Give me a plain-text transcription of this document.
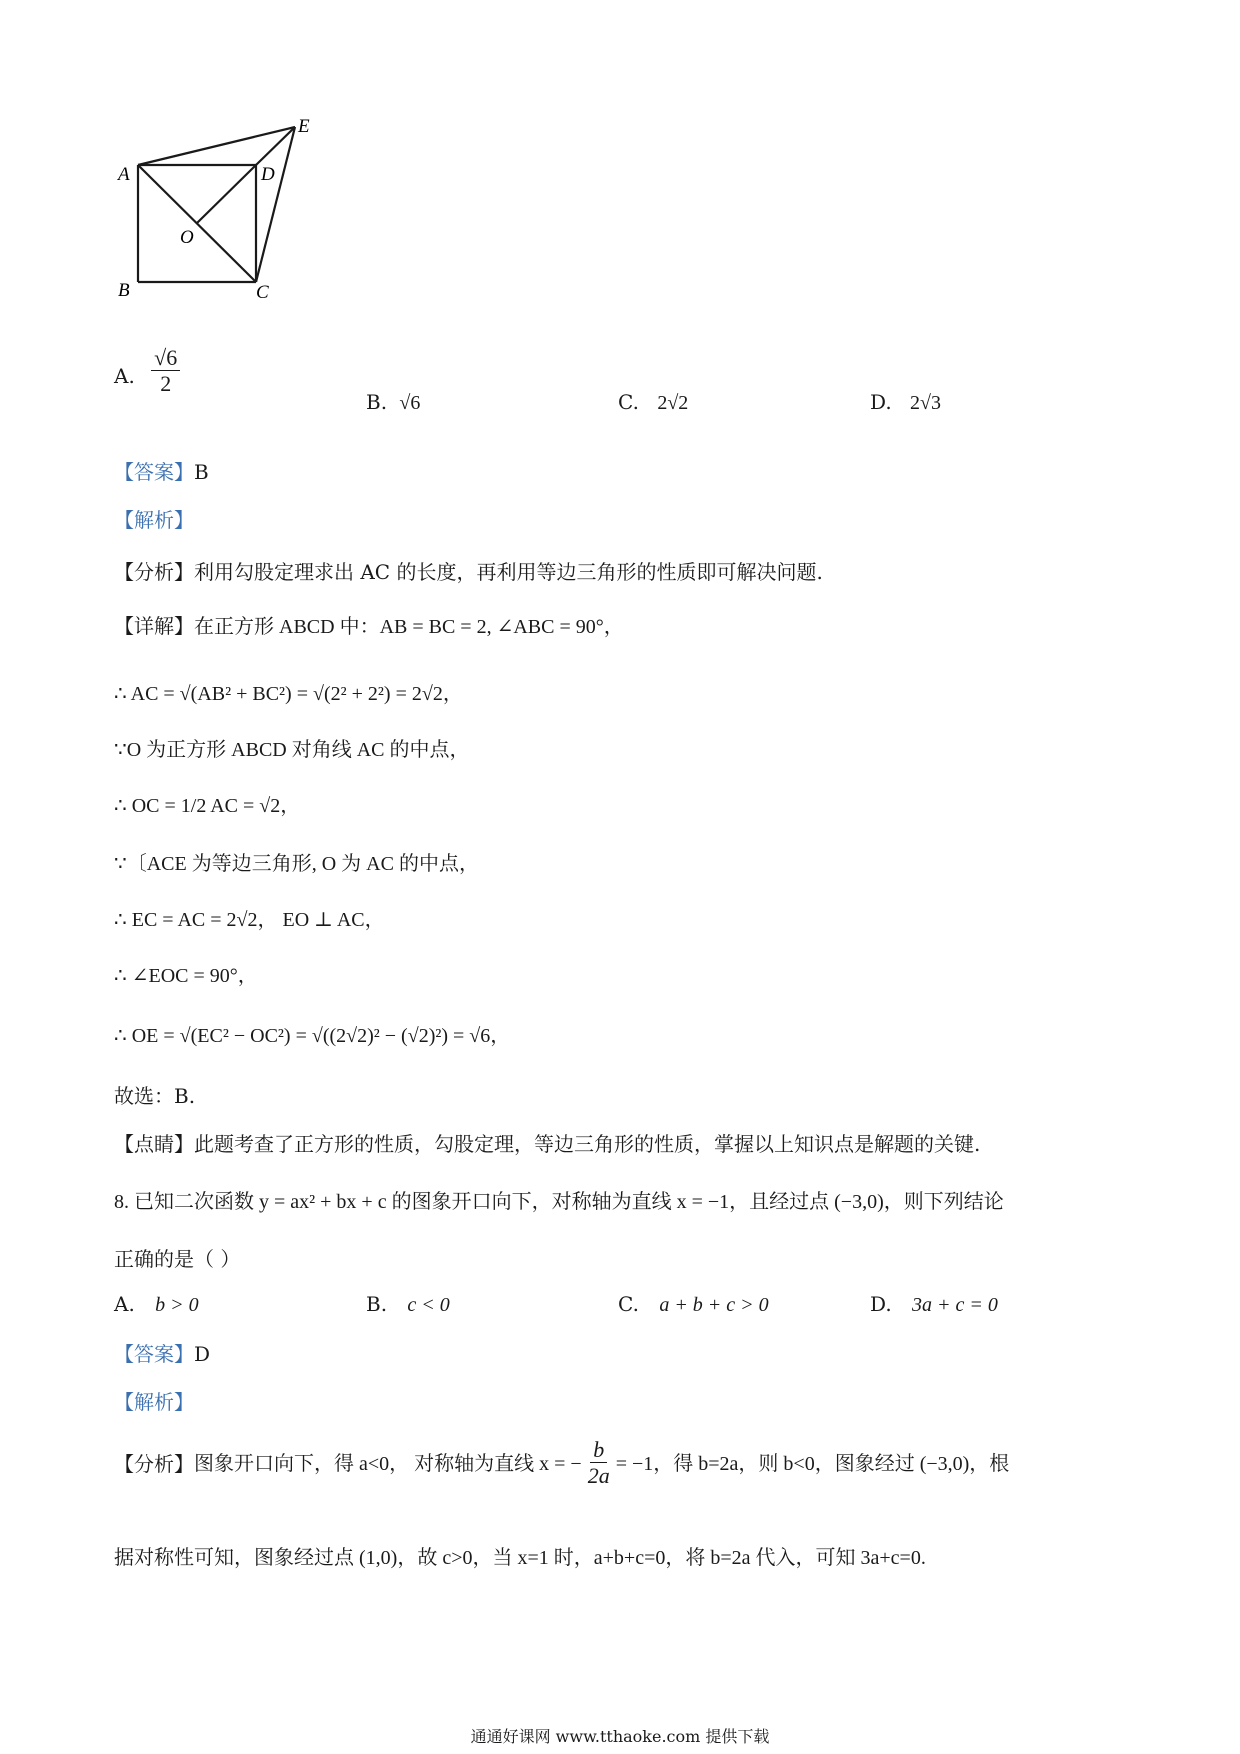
A
B	C
D
E
O
A. $\frac{√6}{2}$
B. √6	C. 2√2	D. 2√3
【答案】B
【解析】
【分析】利用勾股定理求出 AC 的长度，再利用等边三角形的性质即可解决问题.
【详解】在正方形 ABCD 中：AB = BC = 2, ∠ABC = 90°，
∴ AC = √(AB² + BC²) = √(2² + 2²) = 2√2，
∵O 为正方形 ABCD 对角线 AC 的中点，
∴ OC = 1/2 AC = √2，
∵〔ACE 为等边三角形, O 为 AC 的中点，
∴ EC = AC = 2√2， EO ⊥ AC，
∴ ∠EOC = 90°，
∴ OE = √(EC² − OC²) = √((2√2)² − (√2)²) = √6，
故选：B.
【点睛】此题考查了正方形的性质，勾股定理，等边三角形的性质，掌握以上知识点是解题的关键.
8. 已知二次函数 y = ax² + bx + c 的图象开口向下，对称轴为直线 x = −1，且经过点 (−3,0)，则下列结论
正确的是（ ）
A. b > 0	B. c < 0	C. a + b + c > 0	D. 3a + c = 0
【答案】D
【解析】
【分析】 图象开口向下，得 a<0， 对称轴为直线 x = − $\frac{b}{2a} = -1$，得 b=2a，则 b<0，图象经过 (−3,0)，根
据对称性可知，图象经过点 (1,0)，故 c>0，当 x=1 时，a+b+c=0，将 b=2a 代入，可知 3a+c=0.
通通好课网 www.tthaoke.com 提供下载
